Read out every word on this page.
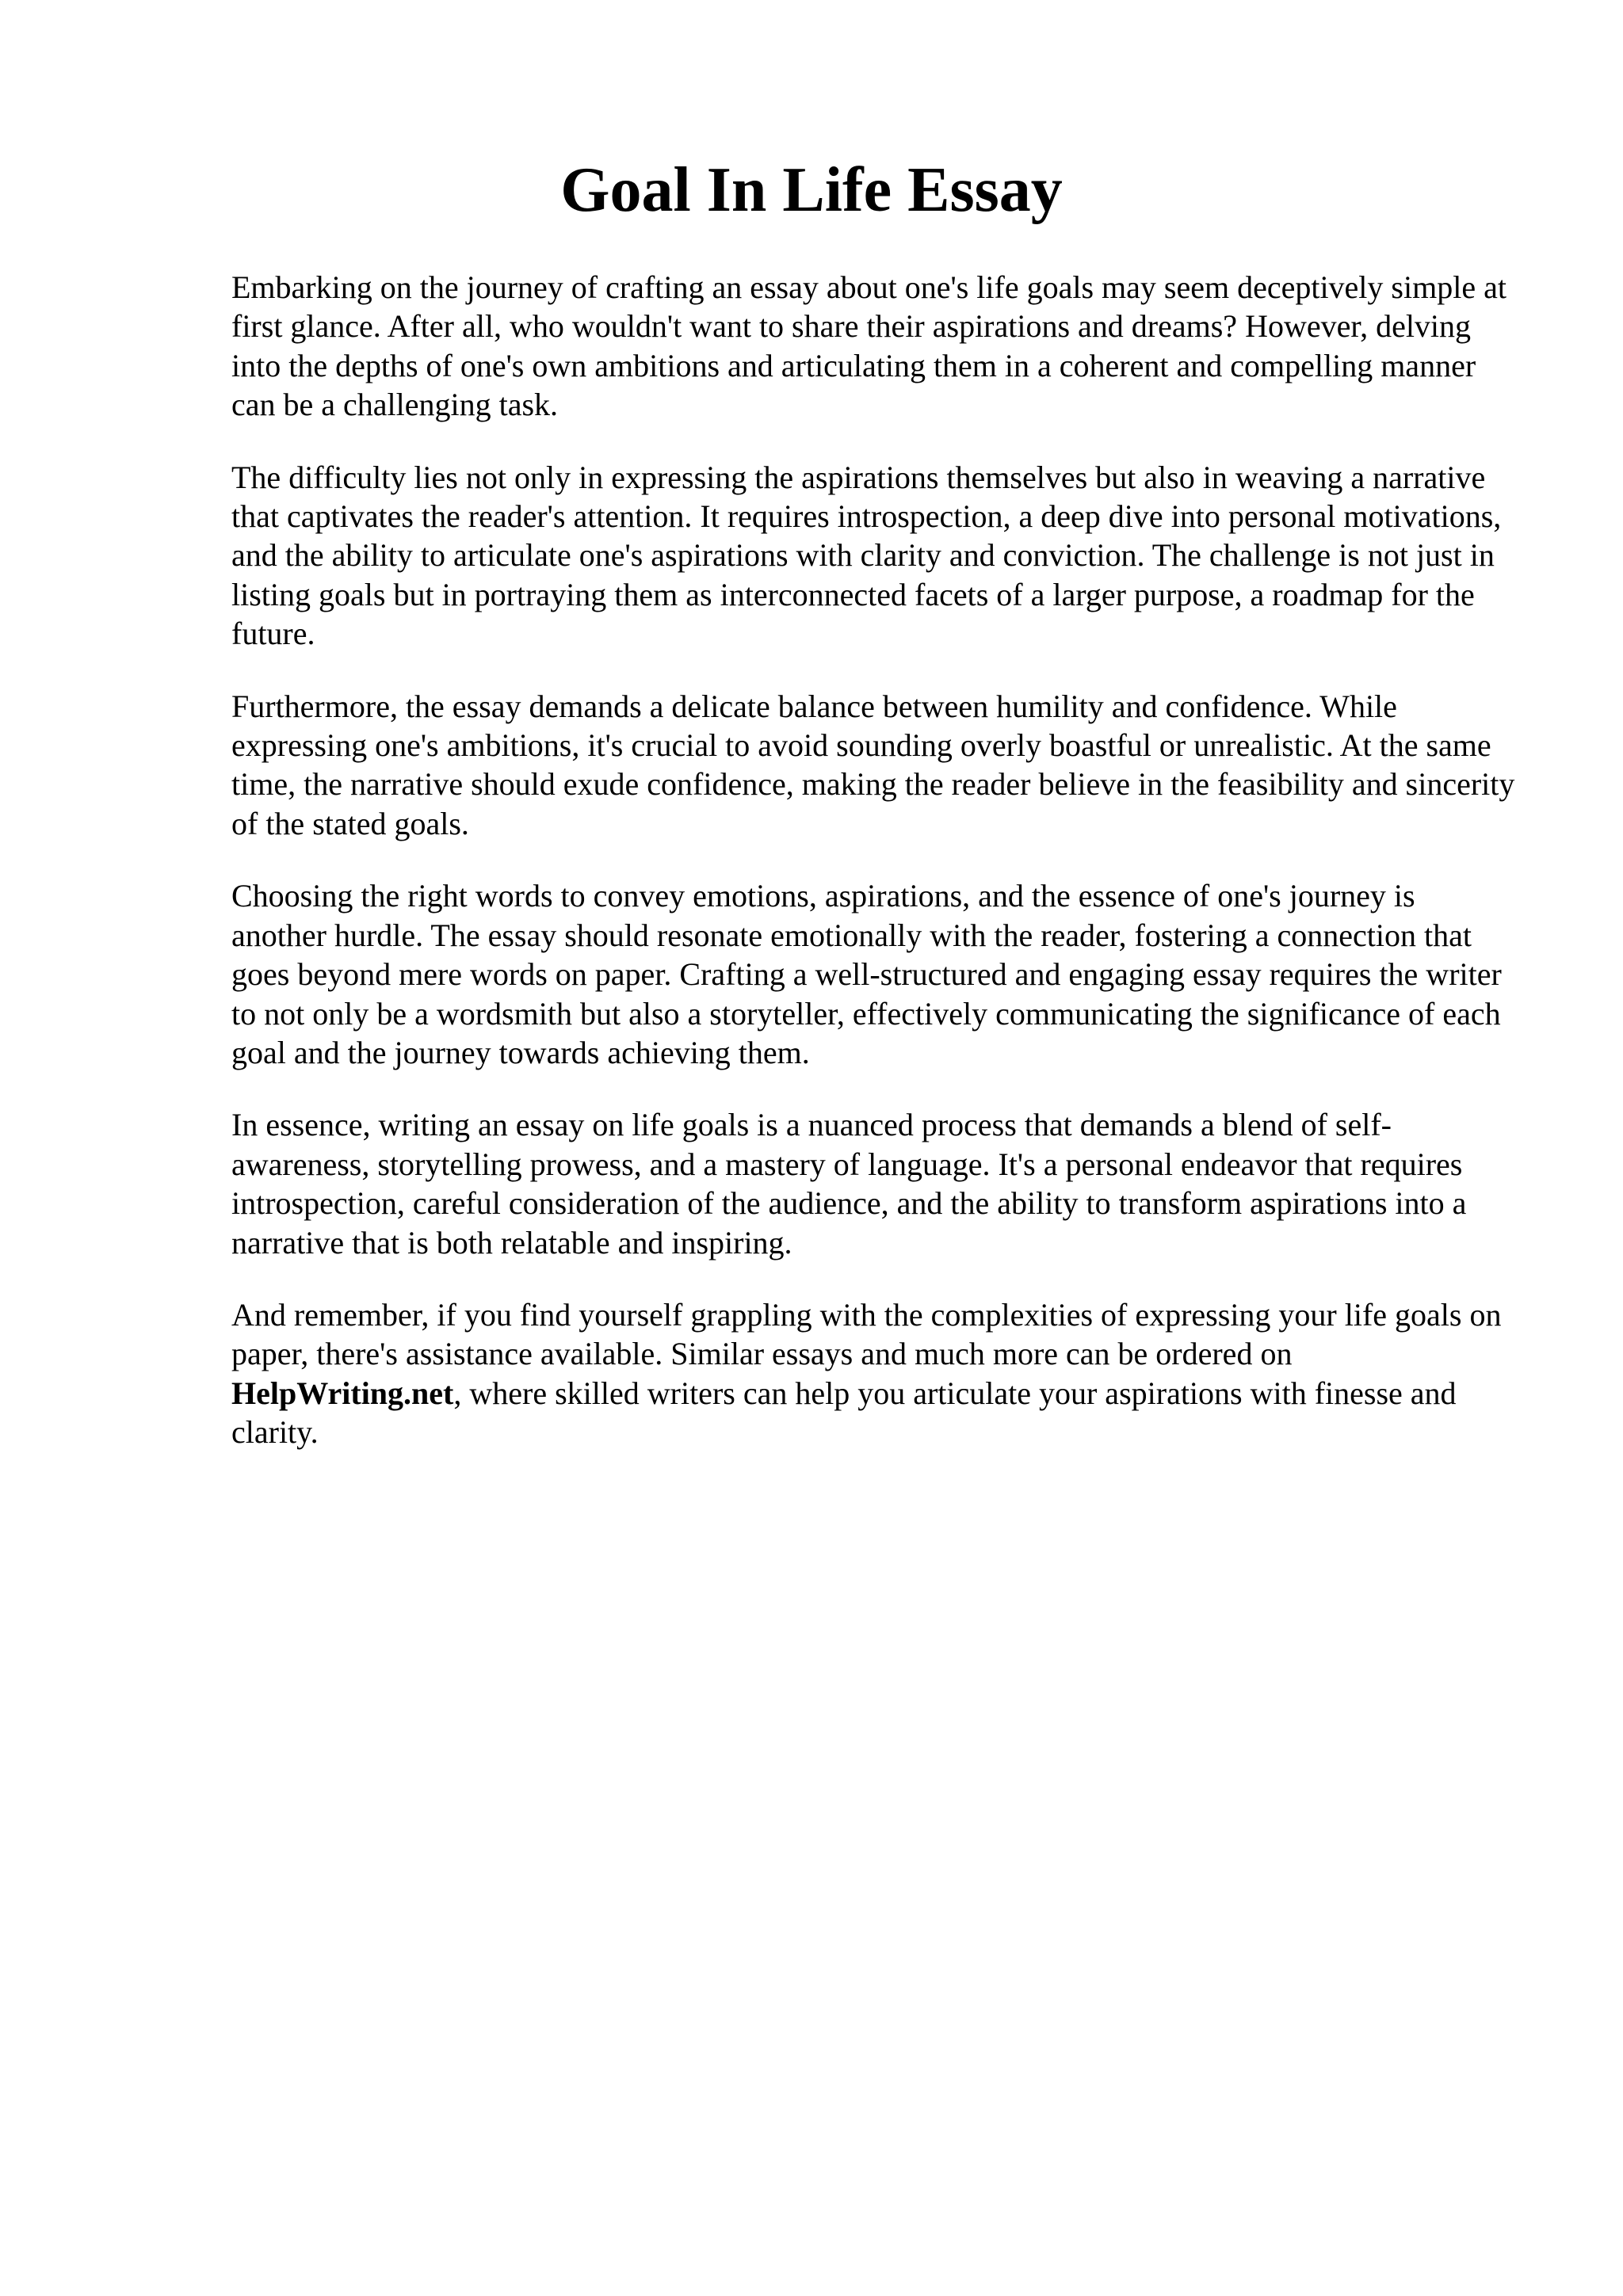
Goal In Life Essay

Embarking on the journey of crafting an essay about one's life goals may seem deceptively simple at first glance. After all, who wouldn't want to share their aspirations and dreams? However, delving into the depths of one's own ambitions and articulating them in a coherent and compelling manner can be a challenging task.

The difficulty lies not only in expressing the aspirations themselves but also in weaving a narrative that captivates the reader's attention. It requires introspection, a deep dive into personal motivations, and the ability to articulate one's aspirations with clarity and conviction. The challenge is not just in listing goals but in portraying them as interconnected facets of a larger purpose, a roadmap for the future.

Furthermore, the essay demands a delicate balance between humility and confidence. While expressing one's ambitions, it's crucial to avoid sounding overly boastful or unrealistic. At the same time, the narrative should exude confidence, making the reader believe in the feasibility and sincerity of the stated goals.

Choosing the right words to convey emotions, aspirations, and the essence of one's journey is another hurdle. The essay should resonate emotionally with the reader, fostering a connection that goes beyond mere words on paper. Crafting a well-structured and engaging essay requires the writer to not only be a wordsmith but also a storyteller, effectively communicating the significance of each goal and the journey towards achieving them.

In essence, writing an essay on life goals is a nuanced process that demands a blend of self-awareness, storytelling prowess, and a mastery of language. It's a personal endeavor that requires introspection, careful consideration of the audience, and the ability to transform aspirations into a narrative that is both relatable and inspiring.

And remember, if you find yourself grappling with the complexities of expressing your life goals on paper, there's assistance available. Similar essays and much more can be ordered on HelpWriting.net, where skilled writers can help you articulate your aspirations with finesse and clarity.
